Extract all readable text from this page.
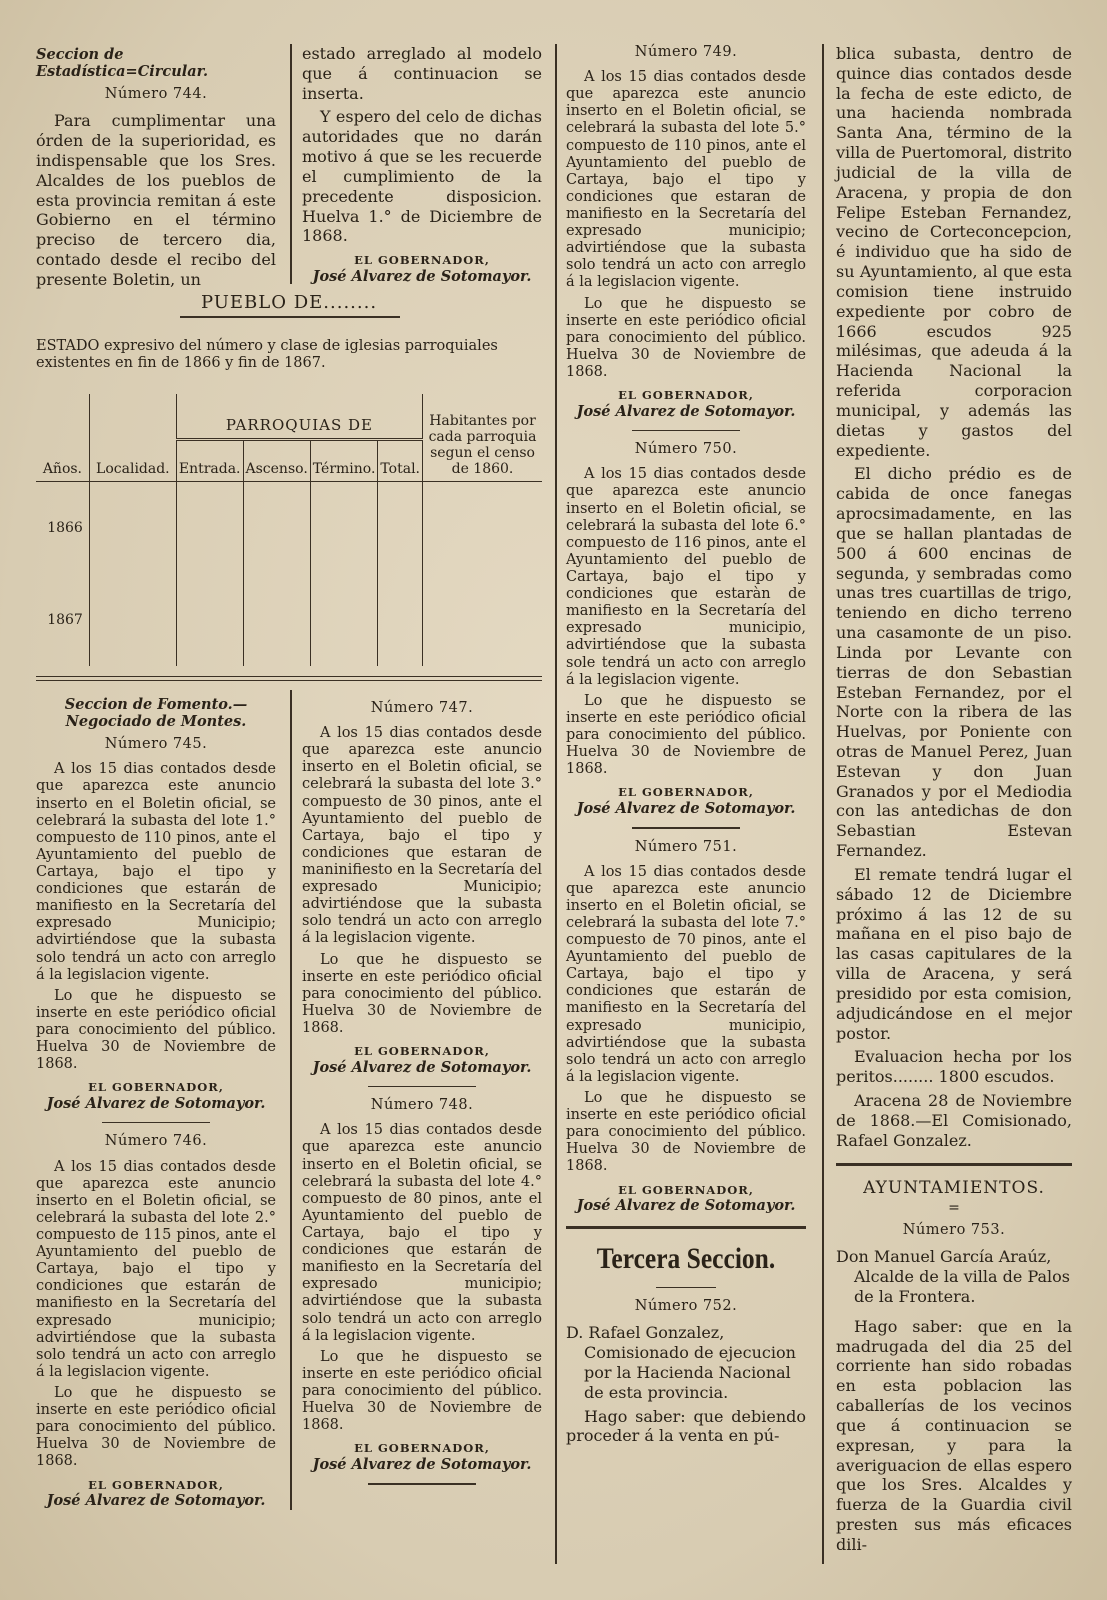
Seccion de Estadística=Circular.
Número 744.

Para cumplimentar una órden de la superioridad, es indispensable que los Sres. Alcaldes de los pueblos de esta provincia remitan á este Gobierno en el término preciso de tercero dia, contado desde el recibo del presente Boletin, un

estado arreglado al modelo que á continuacion se inserta.

Y espero del celo de dichas autoridades que no darán motivo á que se les recuerde el cumplimiento de la precedente disposicion. Huelva 1.° de Diciembre de 1868.

EL GOBERNADOR,
José Alvarez de Sotomayor.
PUEBLO DE........
ESTADO expresivo del número y clase de iglesias parroquiales existentes en fin de 1866 y fin de 1867.
Años.	Localidad.	PARROQUIAS DE				Habitantes por cada parroquia segun el censo de 1860.
		Entrada.	Ascenso.	Término.	Total.	
1866						
1867						
Seccion de Fomento.—Negociado de Montes.
Número 745.

A los 15 dias contados desde que aparezca este anuncio inserto en el Boletin oficial, se celebrará la subasta del lote 1.° compuesto de 110 pinos, ante el Ayuntamiento del pueblo de Cartaya, bajo el tipo y condiciones que estarán de manifiesto en la Secretaría del expresado Municipio; advirtiéndose que la subasta solo tendrá un acto con arreglo á la legislacion vigente.

Lo que he dispuesto se inserte en este periódico oficial para conocimiento del público. Huelva 30 de Noviembre de 1868.

EL GOBERNADOR,
José Alvarez de Sotomayor.
Número 746.

A los 15 dias contados desde que aparezca este anuncio inserto en el Boletin oficial, se celebrará la subasta del lote 2.° compuesto de 115 pinos, ante el Ayuntamiento del pueblo de Cartaya, bajo el tipo y condiciones que estarán de manifiesto en la Secretaría del expresado municipio; advirtiéndose que la subasta solo tendrá un acto con arreglo á la legislacion vigente.

Lo que he dispuesto se inserte en este periódico oficial para conocimiento del público. Huelva 30 de Noviembre de 1868.

EL GOBERNADOR,
José Alvarez de Sotomayor.
Número 747.

A los 15 dias contados desde que aparezca este anuncio inserto en el Boletin oficial, se celebrará la subasta del lote 3.° compuesto de 30 pinos, ante el Ayuntamiento del pueblo de Cartaya, bajo el tipo y condiciones que estaran de maninifiesto en la Secretaría del expresado Municipio; advirtiéndose que la subasta solo tendrá un acto con arreglo á la legislacion vigente.

Lo que he dispuesto se inserte en este periódico oficial para conocimiento del público. Huelva 30 de Noviembre de 1868.

EL GOBERNADOR,
José Alvarez de Sotomayor.
Número 748.

A los 15 dias contados desde que aparezca este anuncio inserto en el Boletin oficial, se celebrará la subasta del lote 4.° compuesto de 80 pinos, ante el Ayuntamiento del pueblo de Cartaya, bajo el tipo y condiciones que estarán de manifiesto en la Secretaría del expresado municipio; advirtiéndose que la subasta solo tendrá un acto con arreglo á la legislacion vigente.

Lo que he dispuesto se inserte en este periódico oficial para conocimiento del público. Huelva 30 de Noviembre de 1868.

EL GOBERNADOR,
José Alvarez de Sotomayor.
Número 749.

A los 15 dias contados desde que aparezca este anuncio inserto en el Boletin oficial, se celebrará la subasta del lote 5.° compuesto de 110 pinos, ante el Ayuntamiento del pueblo de Cartaya, bajo el tipo y condiciones que estaran de manifiesto en la Secretaría del expresado municipio; advirtiéndose que la subasta solo tendrá un acto con arreglo á la legislacion vigente.

Lo que he dispuesto se inserte en este periódico oficial para conocimiento del público. Huelva 30 de Noviembre de 1868.

EL GOBERNADOR,
José Alvarez de Sotomayor.
Número 750.

A los 15 dias contados desde que aparezca este anuncio inserto en el Boletin oficial, se celebrará la subasta del lote 6.° compuesto de 116 pinos, ante el Ayuntamiento del pueblo de Cartaya, bajo el tipo y condiciones que estaràn de manifiesto en la Secretaría del expresado municipio, advirtiéndose que la subasta sole tendrá un acto con arreglo á la legislacion vigente.

Lo que he dispuesto se inserte en este periódico oficial para conocimiento del público. Huelva 30 de Noviembre de 1868.

EL GOBERNADOR,
José Alvarez de Sotomayor.
Número 751.

A los 15 dias contados desde que aparezca este anuncio inserto en el Boletin oficial, se celebrará la subasta del lote 7.° compuesto de 70 pinos, ante el Ayuntamiento del pueblo de Cartaya, bajo el tipo y condiciones que estarán de manifiesto en la Secretaría del expresado municipio, advirtiéndose que la subasta solo tendrá un acto con arreglo á la legislacion vigente.

Lo que he dispuesto se inserte en este periódico oficial para conocimiento del público. Huelva 30 de Noviembre de 1868.

EL GOBERNADOR,
José Alvarez de Sotomayor.
Tercera Seccion.
Número 752.

D. Rafael Gonzalez, Comisionado de ejecucion por la Hacienda Nacional de esta provincia.

Hago saber: que debiendo proceder á la venta en pú-

blica subasta, dentro de quince dias contados desde la fecha de este edicto, de una hacienda nombrada Santa Ana, término de la villa de Puertomoral, distrito judicial de la villa de Aracena, y propia de don Felipe Esteban Fernandez, vecino de Corteconcepcion, é individuo que ha sido de su Ayuntamiento, al que esta comision tiene instruido expediente por cobro de 1666 escudos 925 milésimas, que adeuda á la Hacienda Nacional la referida corporacion municipal, y además las dietas y gastos del expediente.

El dicho prédio es de cabida de once fanegas aprocsimadamente, en las que se hallan plantadas de 500 á 600 encinas de segunda, y sembradas como unas tres cuartillas de trigo, teniendo en dicho terreno una casamonte de un piso. Linda por Levante con tierras de don Sebastian Esteban Fernandez, por el Norte con la ribera de las Huelvas, por Poniente con otras de Manuel Perez, Juan Estevan y don Juan Granados y por el Mediodia con las antedichas de don Sebastian Estevan Fernandez.

El remate tendrá lugar el sábado 12 de Diciembre próximo á las 12 de su mañana en el piso bajo de las casas capitulares de la villa de Aracena, y será presidido por esta comision, adjudicándose en el mejor postor.

Evaluacion hecha por los peritos........ 1800 escudos.

Aracena 28 de Noviembre de 1868.—El Comisionado, Rafael Gonzalez.

AYUNTAMIENTOS.
=
Número 753.

Don Manuel García Araúz, Alcalde de la villa de Palos de la Frontera.

Hago saber: que en la madrugada del dia 25 del corriente han sido robadas en esta poblacion las caballerías de los vecinos que á continuacion se expresan, y para la averiguacion de ellas espero que los Sres. Alcaldes y fuerza de la Guardia civil presten sus más eficaces dili-
